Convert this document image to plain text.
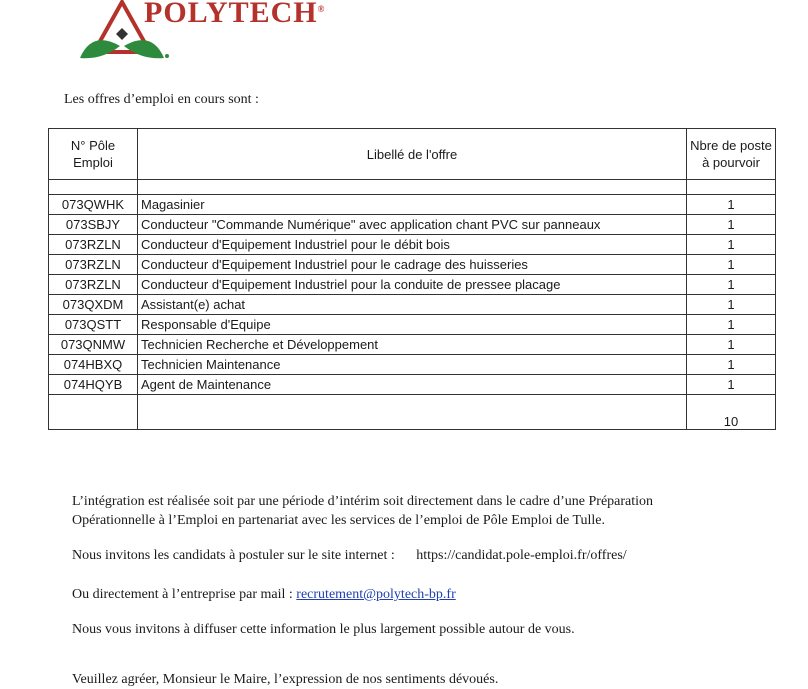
POLYTECH®
Les offres d’emploi en cours sont :
N° Pôle Emploi	Libellé de l'offre	Nbre de poste à pourvoir

073QWHK	Magasinier	1
073SBJY	Conducteur "Commande Numérique" avec application chant PVC sur panneaux	1
073RZLN	Conducteur d'Equipement Industriel pour le débit bois	1
073RZLN	Conducteur d'Equipement Industriel pour le cadrage des huisseries	1
073RZLN	Conducteur d'Equipement Industriel pour la conduite de pressee placage	1
073QXDM	Assistant(e) achat	1
073QSTT	Responsable d'Equipe	1
073QNMW	Technicien Recherche et Développement	1
074HBXQ	Technicien Maintenance	1
074HQYB	Agent de Maintenance	1
		10
L’intégration est réalisée soit par une période d’intérim soit directement dans le cadre d’une Préparation Opérationnelle à l’Emploi en partenariat avec les services de l’emploi de Pôle Emploi de Tulle.
Nous invitons les candidats à postuler sur le site internet : https://candidat.pole-emploi.fr/offres/
Ou directement à l’entreprise par mail : recrutement@polytech-bp.fr
Nous vous invitons à diffuser cette information le plus largement possible autour de vous.
Veuillez agréer, Monsieur le Maire, l’expression de nos sentiments dévoués.
